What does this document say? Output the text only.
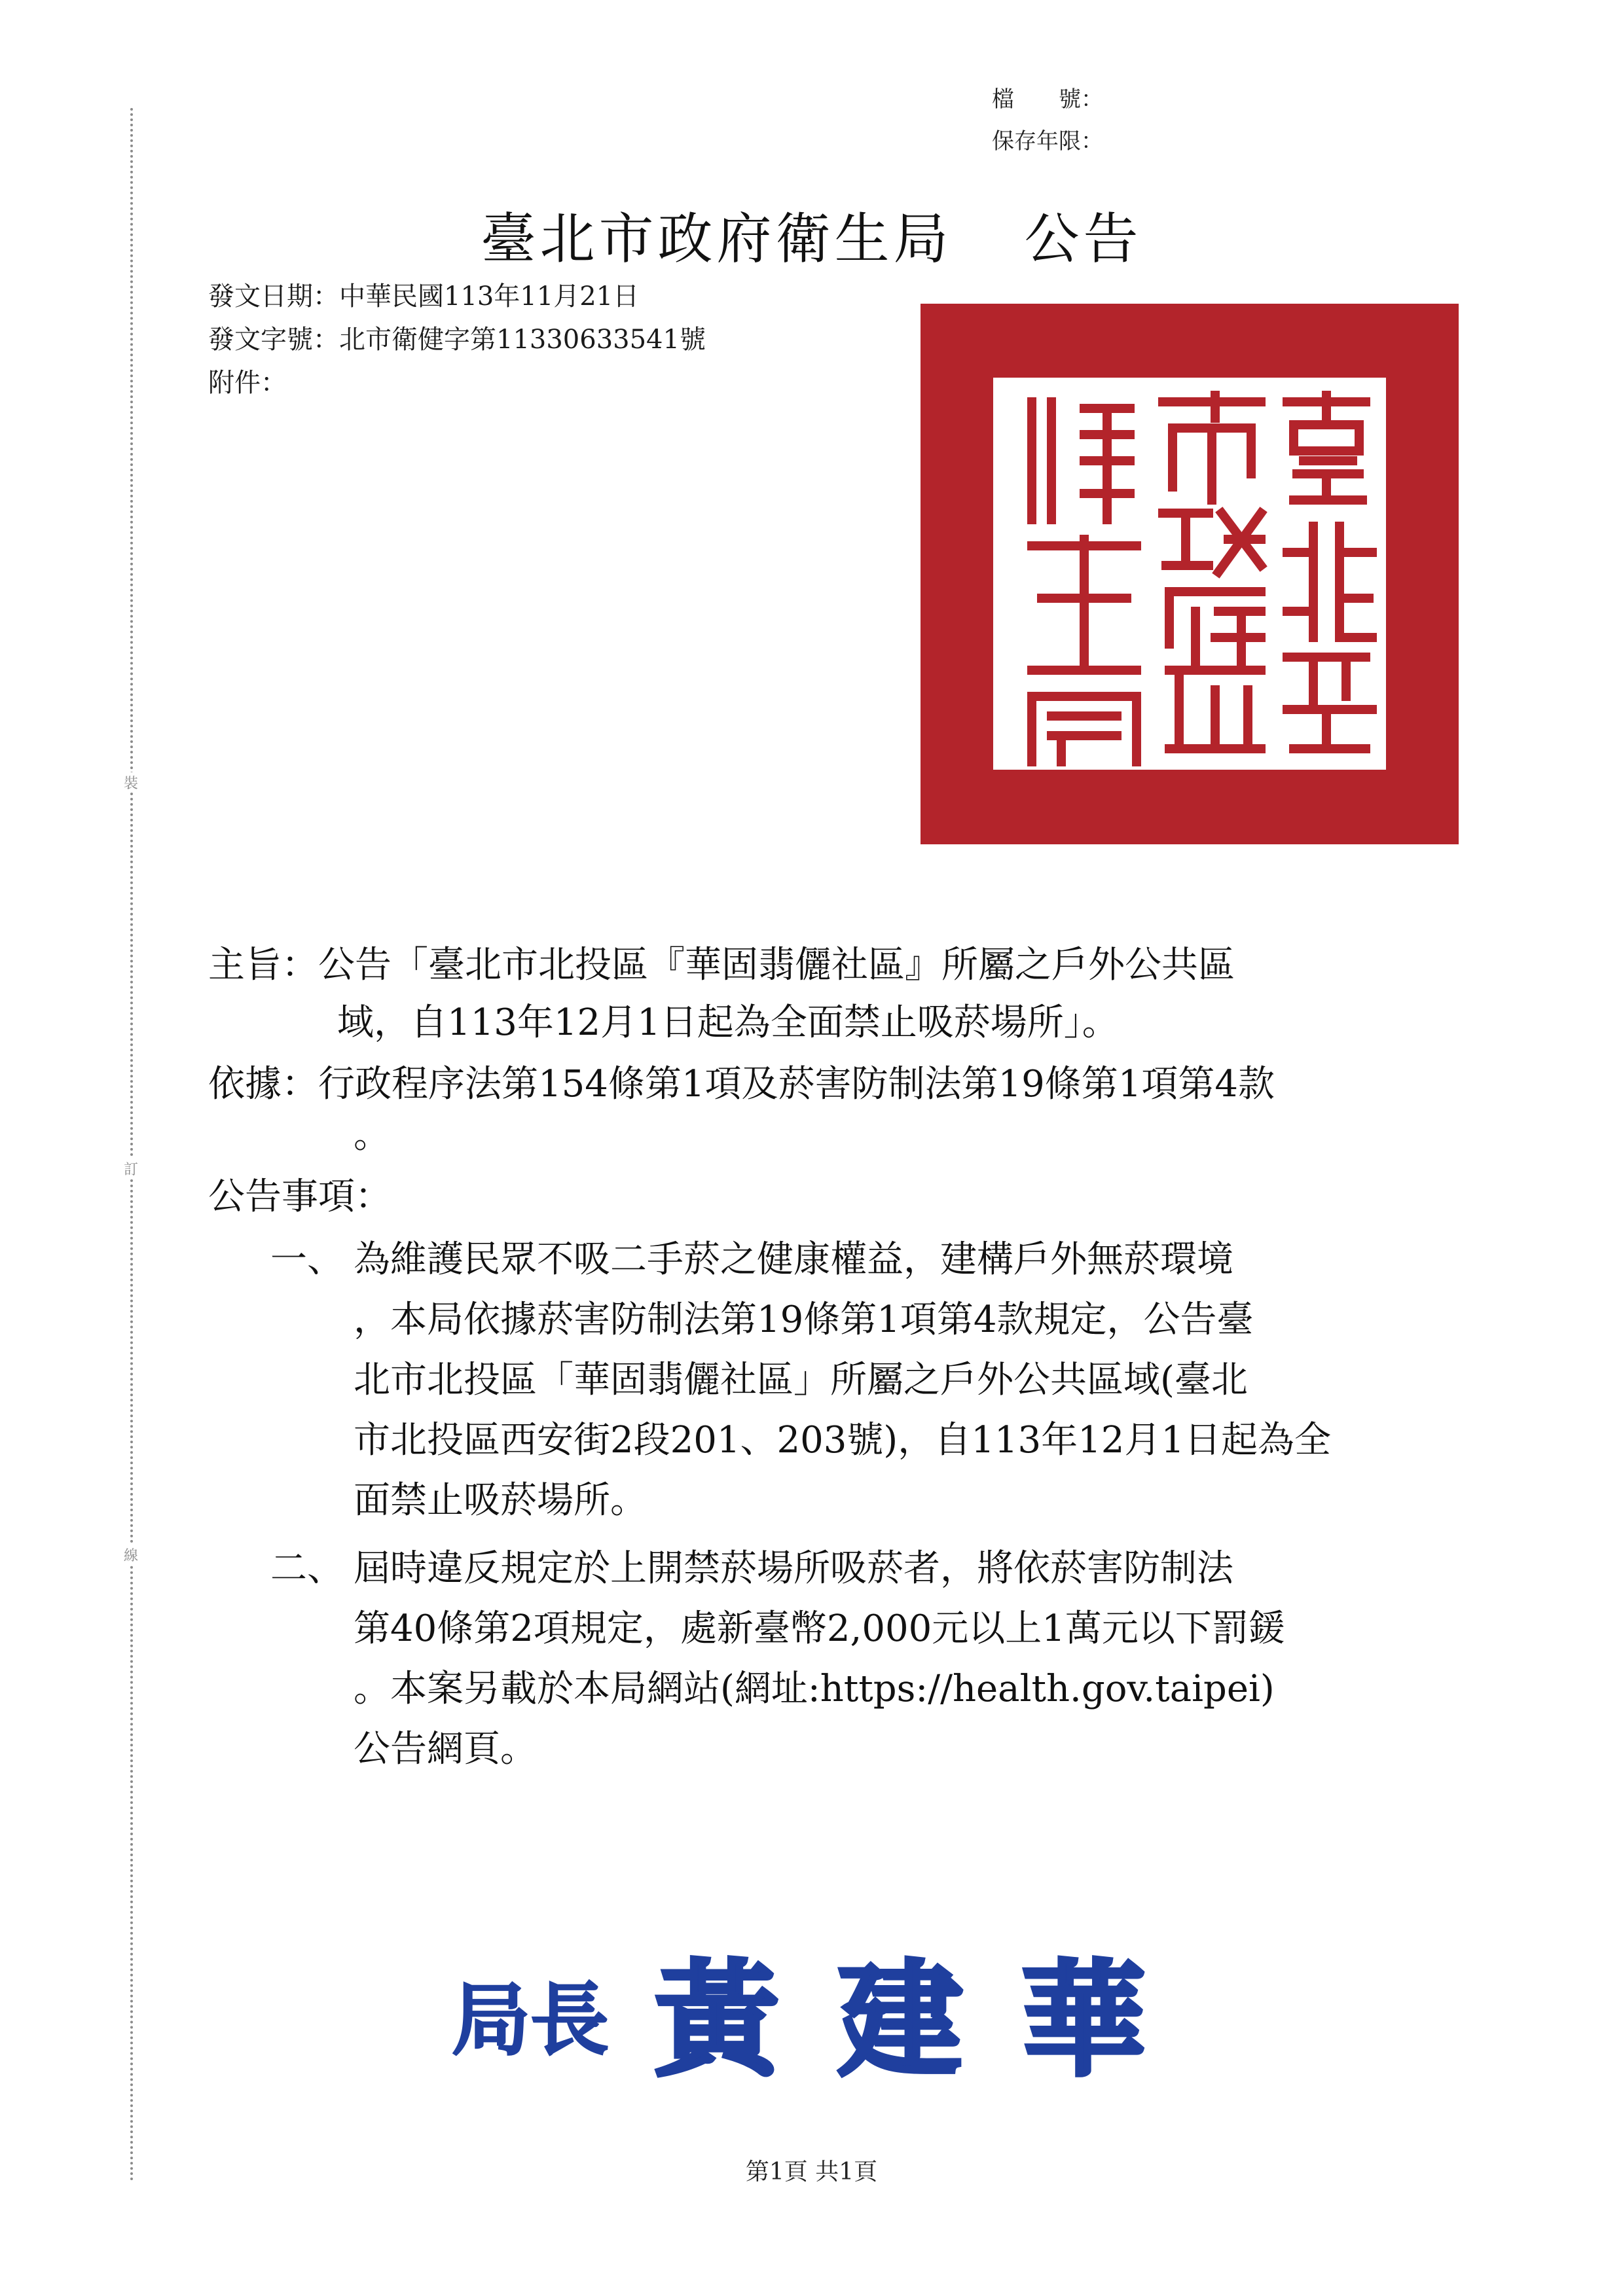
裝
訂
線
檔　　號：
保存年限：
臺北市政府衛生局 公告
發文日期：中華民國113年11月21日
發文字號：北市衛健字第11330633541號
附件：
主旨：公告「臺北市北投區『華固翡儷社區』所屬之戶外公共區
域，自113年12月1日起為全面禁止吸菸場所」。
依據：行政程序法第154條第1項及菸害防制法第19條第1項第4款
。
公告事項：
一、 為維護民眾不吸二手菸之健康權益，建構戶外無菸環境
，本局依據菸害防制法第19條第1項第4款規定，公告臺
北市北投區「華固翡儷社區」所屬之戶外公共區域(臺北
市北投區西安街2段201、203號)，自113年12月1日起為全
面禁止吸菸場所。
二、 屆時違反規定於上開禁菸場所吸菸者，將依菸害防制法
第40條第2項規定，處新臺幣2,000元以上1萬元以下罰鍰
。本案另載於本局網站(網址:https://health.gov.taipei)
公告網頁。
局長 黃建華
第1頁 共1頁
